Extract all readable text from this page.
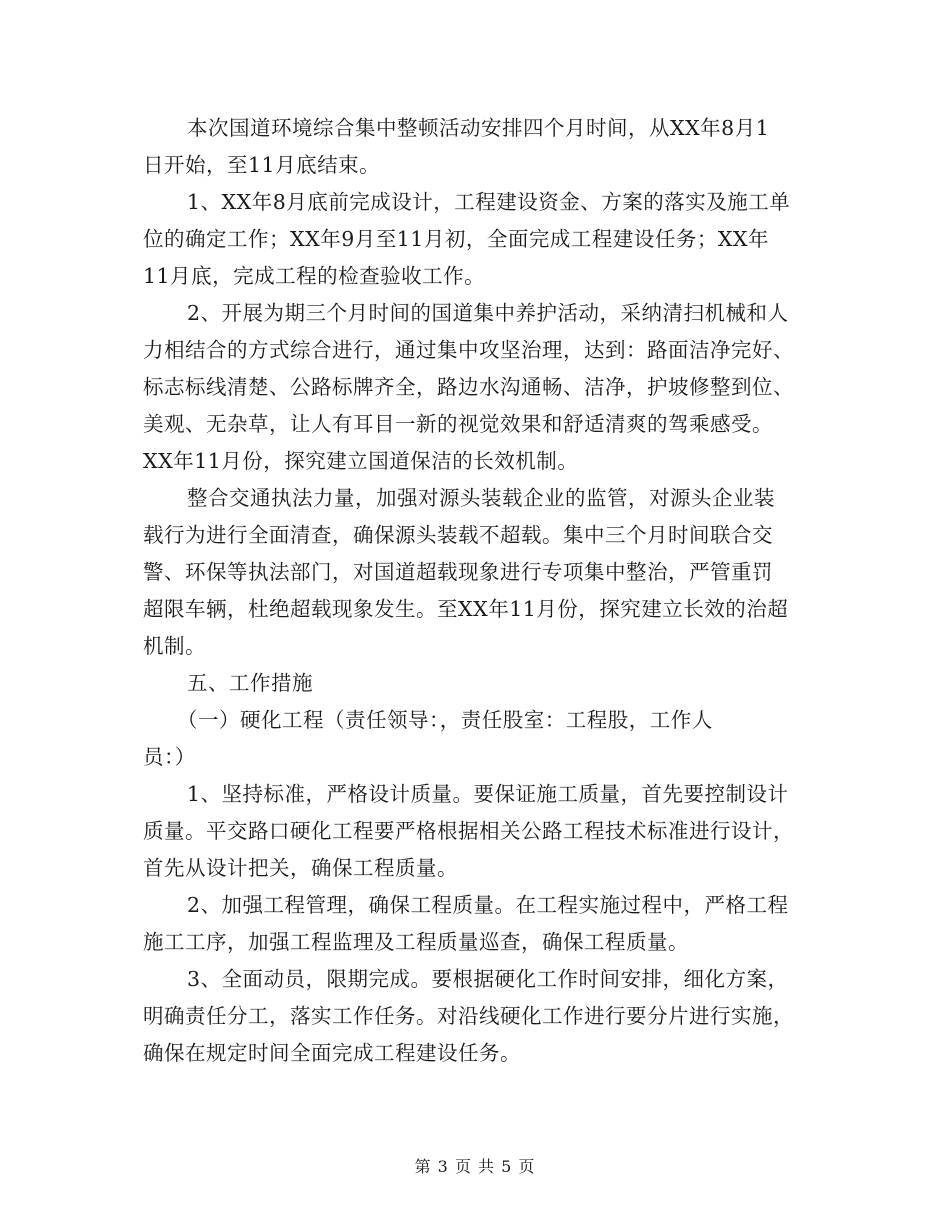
本次国道环境综合集中整顿活动安排四个月时间，从XX年8月1
日开始，至11月底结束。
1、XX年8月底前完成设计，工程建设资金、方案的落实及施工单
位的确定工作；XX年9月至11月初，全面完成工程建设任务；XX年
11月底，完成工程的检查验收工作。
2、开展为期三个月时间的国道集中养护活动，采纳清扫机械和人
力相结合的方式综合进行，通过集中攻坚治理，达到：路面洁净完好、
标志标线清楚、公路标牌齐全，路边水沟通畅、洁净，护坡修整到位、
美观、无杂草，让人有耳目一新的视觉效果和舒适清爽的驾乘感受。
XX年11月份，探究建立国道保洁的长效机制。
整合交通执法力量，加强对源头装载企业的监管，对源头企业装
载行为进行全面清查，确保源头装载不超载。集中三个月时间联合交
警、环保等执法部门，对国道超载现象进行专项集中整治，严管重罚
超限车辆，杜绝超载现象发生。至XX年11月份，探究建立长效的治超
机制。
五、工作措施
（一）硬化工程（责任领导：，责任股室：工程股，工作人
员：）
1、坚持标准，严格设计质量。要保证施工质量，首先要控制设计
质量。平交路口硬化工程要严格根据相关公路工程技术标准进行设计，
首先从设计把关，确保工程质量。
2、加强工程管理，确保工程质量。在工程实施过程中，严格工程
施工工序，加强工程监理及工程质量巡查，确保工程质量。
3、全面动员，限期完成。要根据硬化工作时间安排，细化方案，
明确责任分工，落实工作任务。对沿线硬化工作进行要分片进行实施，
确保在规定时间全面完成工程建设任务。
第 3 页 共 5 页
